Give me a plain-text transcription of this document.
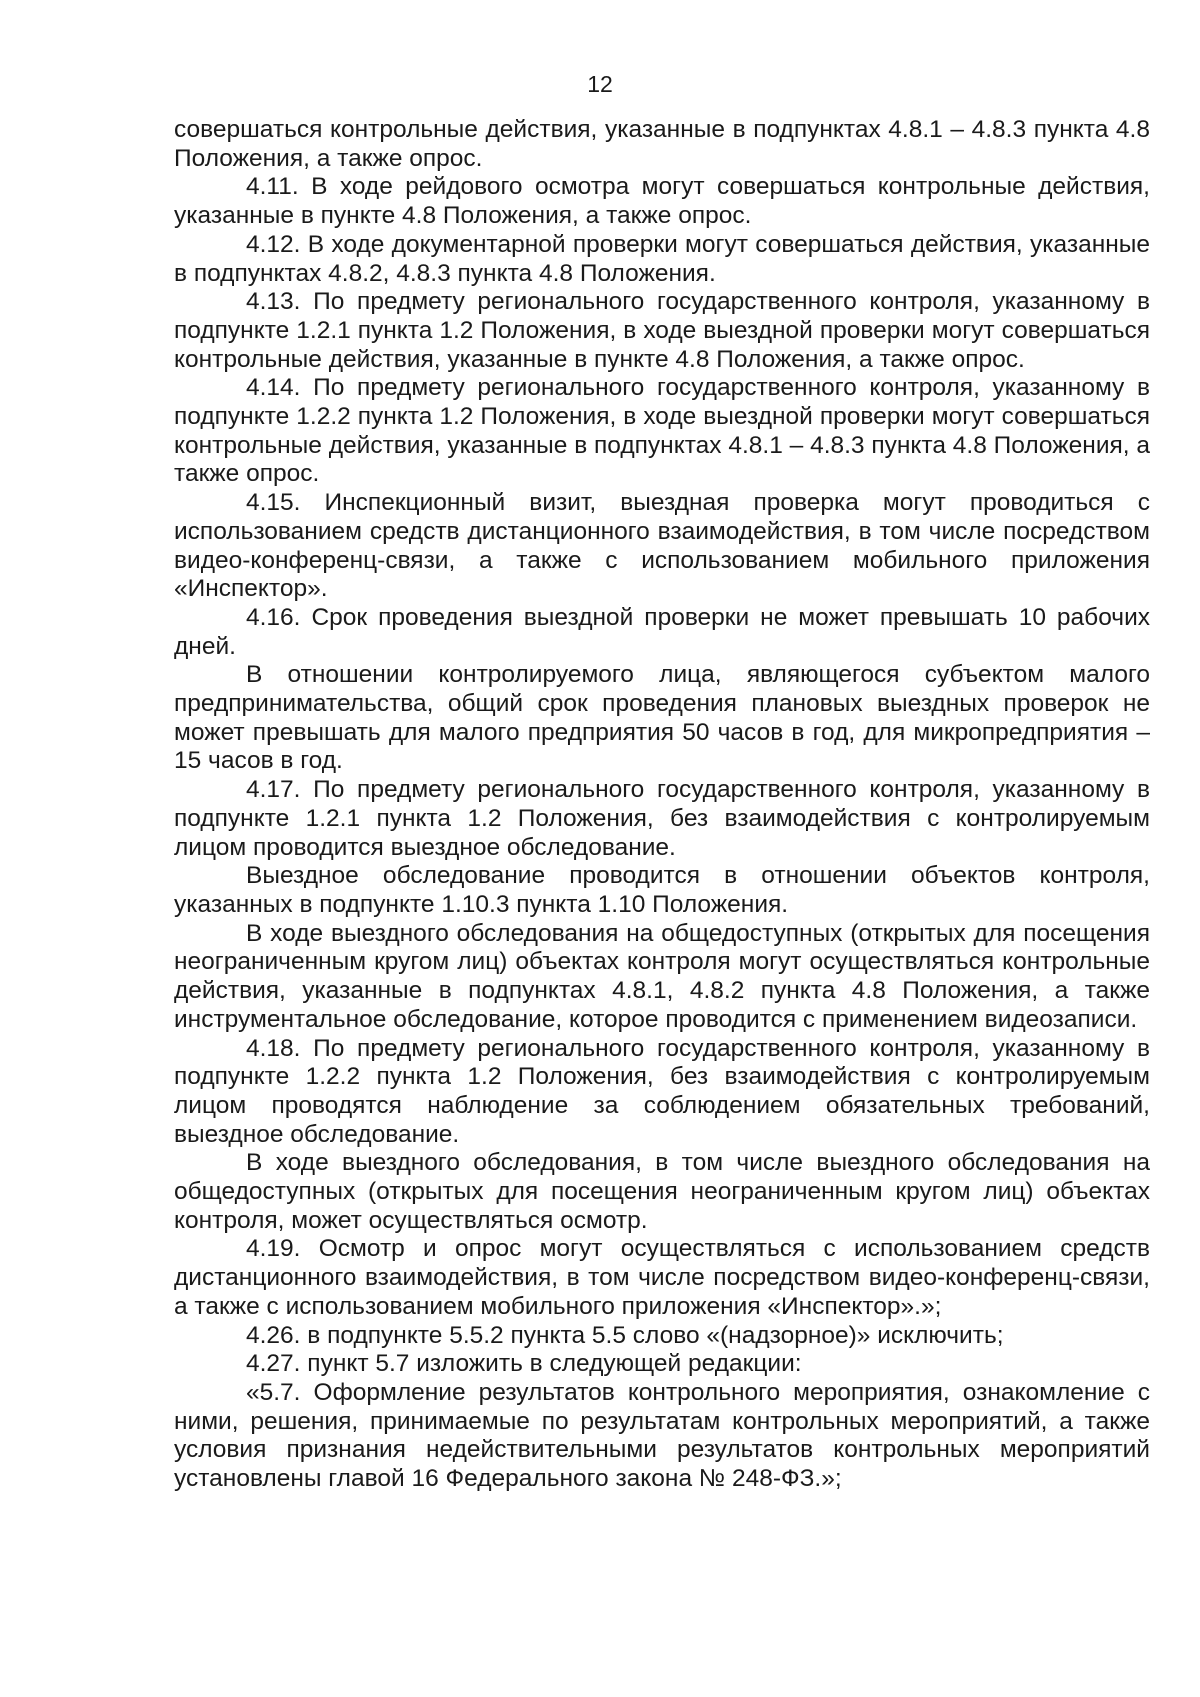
12

совершаться контрольные действия, указанные в подпунктах 4.8.1 – 4.8.3 пункта 4.8 Положения, а также опрос.

4.11. В ходе рейдового осмотра могут совершаться контрольные действия, указанные в пункте 4.8 Положения, а также опрос.

4.12. В ходе документарной проверки могут совершаться действия, указанные в подпунктах 4.8.2, 4.8.3 пункта 4.8 Положения.

4.13. По предмету регионального государственного контроля, указанному в подпункте 1.2.1 пункта 1.2 Положения, в ходе выездной проверки могут совершаться контрольные действия, указанные в пункте 4.8 Положения, а также опрос.

4.14. По предмету регионального государственного контроля, указанному в подпункте 1.2.2 пункта 1.2 Положения, в ходе выездной проверки могут совершаться контрольные действия, указанные в подпунктах 4.8.1 – 4.8.3 пункта 4.8 Положения, а также опрос.

4.15. Инспекционный визит, выездная проверка могут проводиться с использованием средств дистанционного взаимодействия, в том числе посредством видео-конференц-связи, а также с использованием мобильного приложения «Инспектор».

4.16. Срок проведения выездной проверки не может превышать 10 рабочих дней.

В отношении контролируемого лица, являющегося субъектом малого предпринимательства, общий срок проведения плановых выездных проверок не может превышать для малого предприятия 50 часов в год, для микропредприятия – 15 часов в год.

4.17. По предмету регионального государственного контроля, указанному в подпункте 1.2.1 пункта 1.2 Положения, без взаимодействия с контролируемым лицом проводится выездное обследование.

Выездное обследование проводится в отношении объектов контроля, указанных в подпункте 1.10.3 пункта 1.10 Положения.

В ходе выездного обследования на общедоступных (открытых для посещения неограниченным кругом лиц) объектах контроля могут осуществляться контрольные действия, указанные в подпунктах 4.8.1, 4.8.2 пункта 4.8 Положения, а также инструментальное обследование, которое проводится с применением видеозаписи.

4.18. По предмету регионального государственного контроля, указанному в подпункте 1.2.2 пункта 1.2 Положения, без взаимодействия с контролируемым лицом проводятся наблюдение за соблюдением обязательных требований, выездное обследование.

В ходе выездного обследования, в том числе выездного обследования на общедоступных (открытых для посещения неограниченным кругом лиц) объектах контроля, может осуществляться осмотр.

4.19. Осмотр и опрос могут осуществляться с использованием средств дистанционного взаимодействия, в том числе посредством видео-конференц-связи, а также с использованием мобильного приложения «Инспектор».»;

4.26. в подпункте 5.5.2 пункта 5.5 слово «(надзорное)» исключить;

4.27. пункт 5.7 изложить в следующей редакции:

«5.7. Оформление результатов контрольного мероприятия, ознакомление с ними, решения, принимаемые по результатам контрольных мероприятий, а также условия признания недействительными результатов контрольных мероприятий установлены главой 16 Федерального закона № 248-ФЗ.»;
